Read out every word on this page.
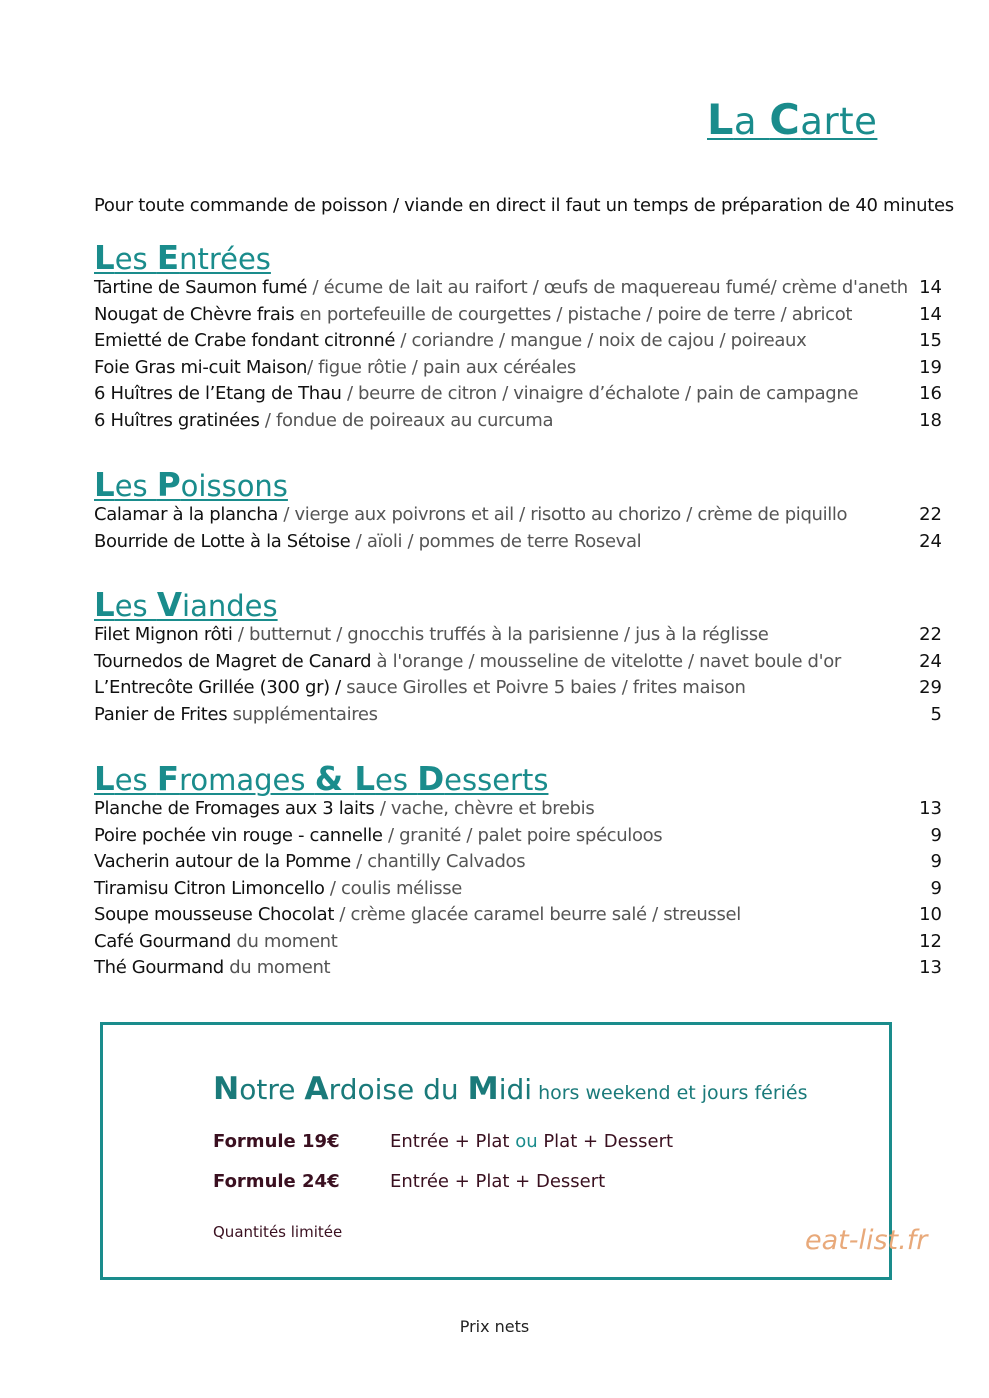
La Carte
Pour toute commande de poisson / viande en direct il faut un temps de préparation de 40 minutes
Les Entrées
Tartine de Saumon fumé / écume de lait au raifort / œufs de maquereau fumé/ crème d'aneth 14
Nougat de Chèvre frais en portefeuille de courgettes / pistache / poire de terre / abricot	14
Emietté de Crabe fondant citronné / coriandre / mangue / noix de cajou / poireaux	15
Foie Gras mi-cuit Maison/ figue rôtie / pain aux céréales	19
6 Huîtres de l’Etang de Thau / beurre de citron / vinaigre d’échalote / pain de campagne	16
6 Huîtres gratinées / fondue de poireaux au curcuma	18
Les Poissons
Calamar à la plancha / vierge aux poivrons et ail / risotto au chorizo / crème de piquillo	22
Bourride de Lotte à la Sétoise / aïoli / pommes de terre Roseval	24
Les Viandes
Filet Mignon rôti / butternut / gnocchis truffés à la parisienne / jus à la réglisse	22
Tournedos de Magret de Canard à l'orange / mousseline de vitelotte / navet boule d'or	24
L’Entrecôte Grillée (300 gr) / sauce Girolles et Poivre 5 baies / frites maison	29
Panier de Frites supplémentaires	5
Les Fromages & Les Desserts
Planche de Fromages aux 3 laits / vache, chèvre et brebis	13
Poire pochée vin rouge - cannelle / granité / palet poire spéculoos	9
Vacherin autour de la Pomme / chantilly Calvados	9
Tiramisu Citron Limoncello / coulis mélisse	9
Soupe mousseuse Chocolat / crème glacée caramel beurre salé / streussel	10
Café Gourmand du moment	12
Thé Gourmand du moment	13
Notre Ardoise du Midi hors weekend et jours fériés
Formule 19€	Entrée + Plat ou Plat + Dessert
Formule 24€	Entrée + Plat + Dessert
Quantités limitée	eat-list.fr
Prix nets
